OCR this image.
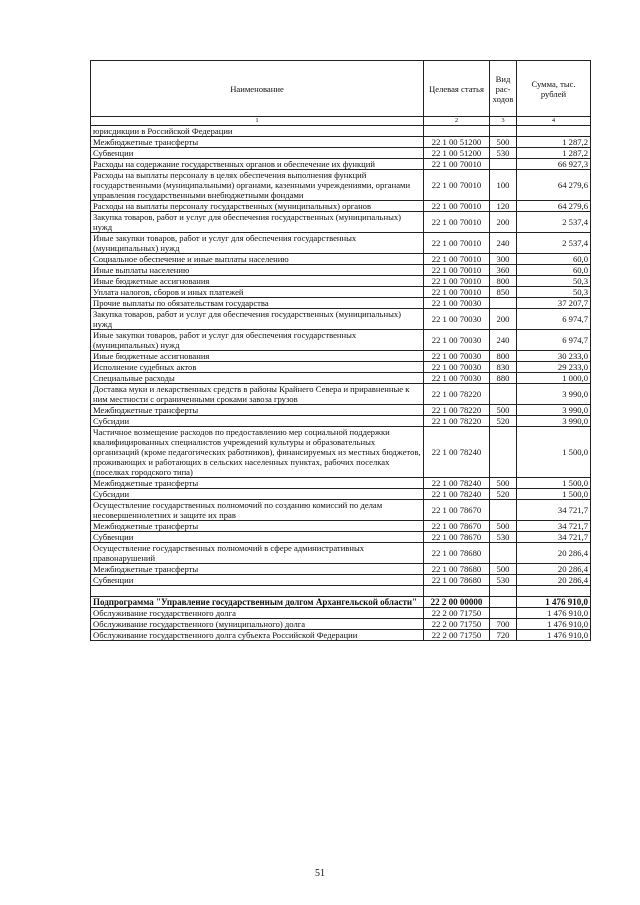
Наименование	Целевая статья	Вид рас-ходов	Сумма, тыс. рублей
1	2	3	4
юрисдикции в Российской Федерации			
Межбюджетные трансферты	22 1 00 51200	500	1 287,2
Субвенции	22 1 00 51200	530	1 287,2
Расходы на содержание государственных органов и обеспечение их функций	22 1 00 70010		66 927,3
Расходы на выплаты персоналу в целях обеспечения выполнения функций государственными (муниципальными) органами, казенными учреждениями, органами управления государственными внебюджетными фондами	22 1 00 70010	100	64 279,6
Расходы на выплаты персоналу государственных (муниципальных) органов	22 1 00 70010	120	64 279,6
Закупка товаров, работ и услуг для обеспечения государственных (муниципальных) нужд	22 1 00 70010	200	2 537,4
Иные закупки товаров, работ и услуг для обеспечения государственных (муниципальных) нужд	22 1 00 70010	240	2 537,4
Социальное обеспечение и иные выплаты населению	22 1 00 70010	300	60,0
Иные выплаты населению	22 1 00 70010	360	60,0
Иные бюджетные ассигнования	22 1 00 70010	800	50,3
Уплата налогов, сборов и иных платежей	22 1 00 70010	850	50,3
Прочие выплаты по обязательствам государства	22 1 00 70030		37 207,7
Закупка товаров, работ и услуг для обеспечения государственных (муниципальных) нужд	22 1 00 70030	200	6 974,7
Иные закупки товаров, работ и услуг для обеспечения государственных (муниципальных) нужд	22 1 00 70030	240	6 974,7
Иные бюджетные ассигнования	22 1 00 70030	800	30 233,0
Исполнение судебных актов	22 1 00 70030	830	29 233,0
Специальные расходы	22 1 00 70030	880	1 000,0
Доставка муки и лекарственных средств в районы Крайнего Севера и приравненные к ним местности с ограниченными сроками завоза грузов	22 1 00 78220		3 990,0
Межбюджетные трансферты	22 1 00 78220	500	3 990,0
Субсидии	22 1 00 78220	520	3 990,0
Частичное возмещение расходов по предоставлению мер социальной поддержки квалифицированных специалистов учреждений культуры и образовательных организаций (кроме педагогических работников), финансируемых из местных бюджетов, проживающих и работающих в сельских населенных пунктах, рабочих поселках (поселках городского типа)	22 1 00 78240		1 500,0
Межбюджетные трансферты	22 1 00 78240	500	1 500,0
Субсидии	22 1 00 78240	520	1 500,0
Осуществление государственных полномочий по созданию комиссий по делам несовершеннолетних и защите их прав	22 1 00 78670		34 721,7
Межбюджетные трансферты	22 1 00 78670	500	34 721,7
Субвенции	22 1 00 78670	530	34 721,7
Осуществление государственных полномочий в сфере административных правонарушений	22 1 00 78680		20 286,4
Межбюджетные трансферты	22 1 00 78680	500	20 286,4
Субвенции	22 1 00 78680	530	20 286,4

Подпрограмма "Управление государственным долгом Архангельской области"	22 2 00 00000		1 476 910,0
Обслуживание государственного долга	22 2 00 71750		1 476 910,0
Обслуживание государственного (муниципального) долга	22 2 00 71750	700	1 476 910,0
Обслуживание государственного долга субъекта Российской Федерации	22 2 00 71750	720	1 476 910,0
51
